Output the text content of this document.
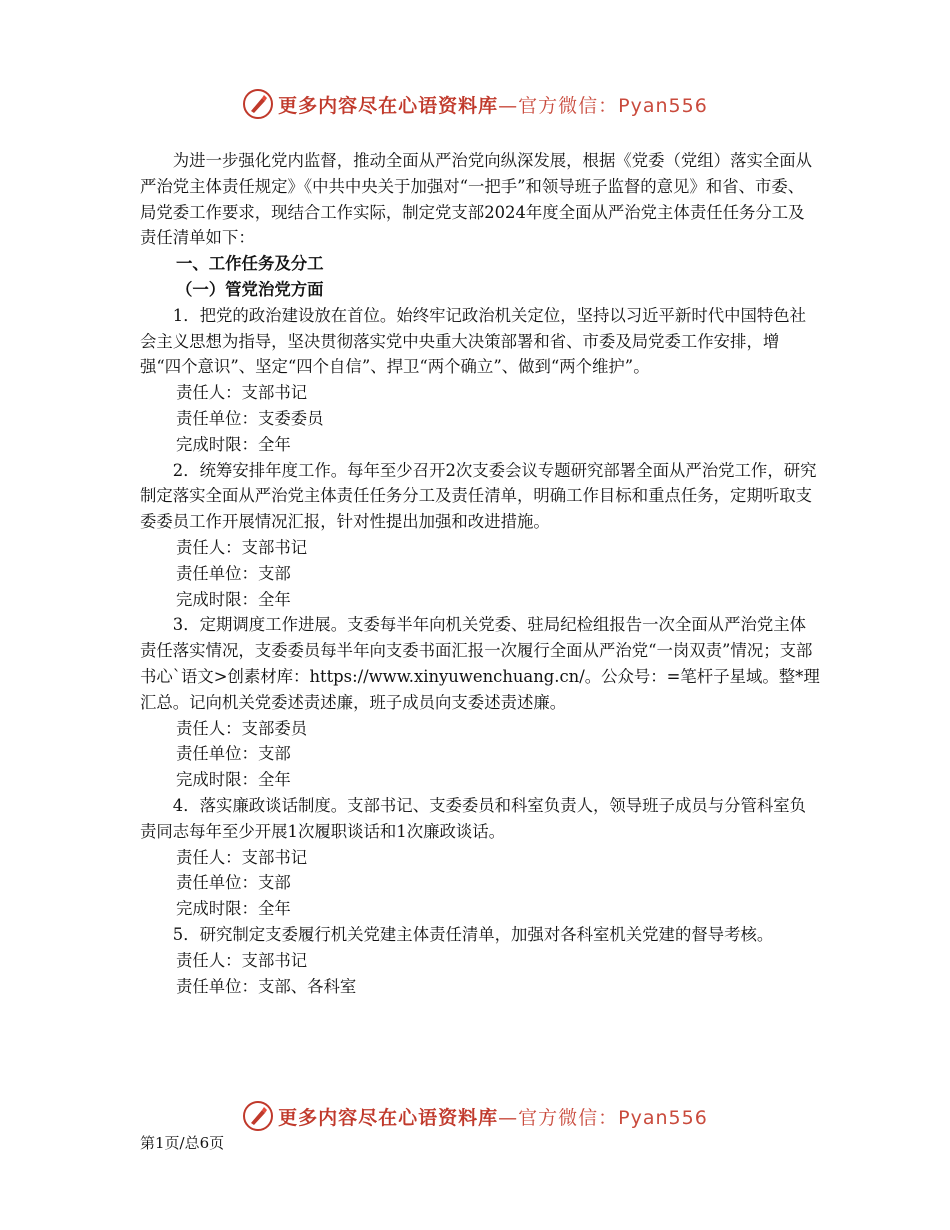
更多内容尽在心语资料库—官方微信：Pyan556

为进一步强化党内监督，推动全面从严治党向纵深发展，根据《党委（党组）落实全面从严治党主体责任规定》《中共中央关于加强对“一把手”和领导班子监督的意见》和省、市委、局党委工作要求，现结合工作实际，制定党支部2024年度全面从严治党主体责任任务分工及责任清单如下：

一、工作任务及分工

（一）管党治党方面

1．把党的政治建设放在首位。始终牢记政治机关定位，坚持以习近平新时代中国特色社会主义思想为指导，坚决贯彻落实党中央重大决策部署和省、市委及局党委工作安排，增强“四个意识”、坚定“四个自信”、捍卫“两个确立”、做到“两个维护”。

责任人：支部书记

责任单位：支委委员

完成时限：全年

2．统筹安排年度工作。每年至少召开2次支委会议专题研究部署全面从严治党工作，研究制定落实全面从严治党主体责任任务分工及责任清单，明确工作目标和重点任务，定期听取支委委员工作开展情况汇报，针对性提出加强和改进措施。

责任人：支部书记

责任单位：支部

完成时限：全年

3．定期调度工作进展。支委每半年向机关党委、驻局纪检组报告一次全面从严治党主体责任落实情况，支委委员每半年向支委书面汇报一次履行全面从严治党“一岗双责”情况；支部书心`语文>创素材库：https://www.xinyuwenchuang.cn/。公众号：=笔杆子星域。整*理汇总。记向机关党委述责述廉，班子成员向支委述责述廉。

责任人：支部委员

责任单位：支部

完成时限：全年

4．落实廉政谈话制度。支部书记、支委委员和科室负责人，领导班子成员与分管科室负责同志每年至少开展1次履职谈话和1次廉政谈话。

责任人：支部书记

责任单位：支部

完成时限：全年

5．研究制定支委履行机关党建主体责任清单，加强对各科室机关党建的督导考核。

责任人：支部书记

责任单位：支部、各科室

更多内容尽在心语资料库—官方微信：Pyan556
第1页/总6页
